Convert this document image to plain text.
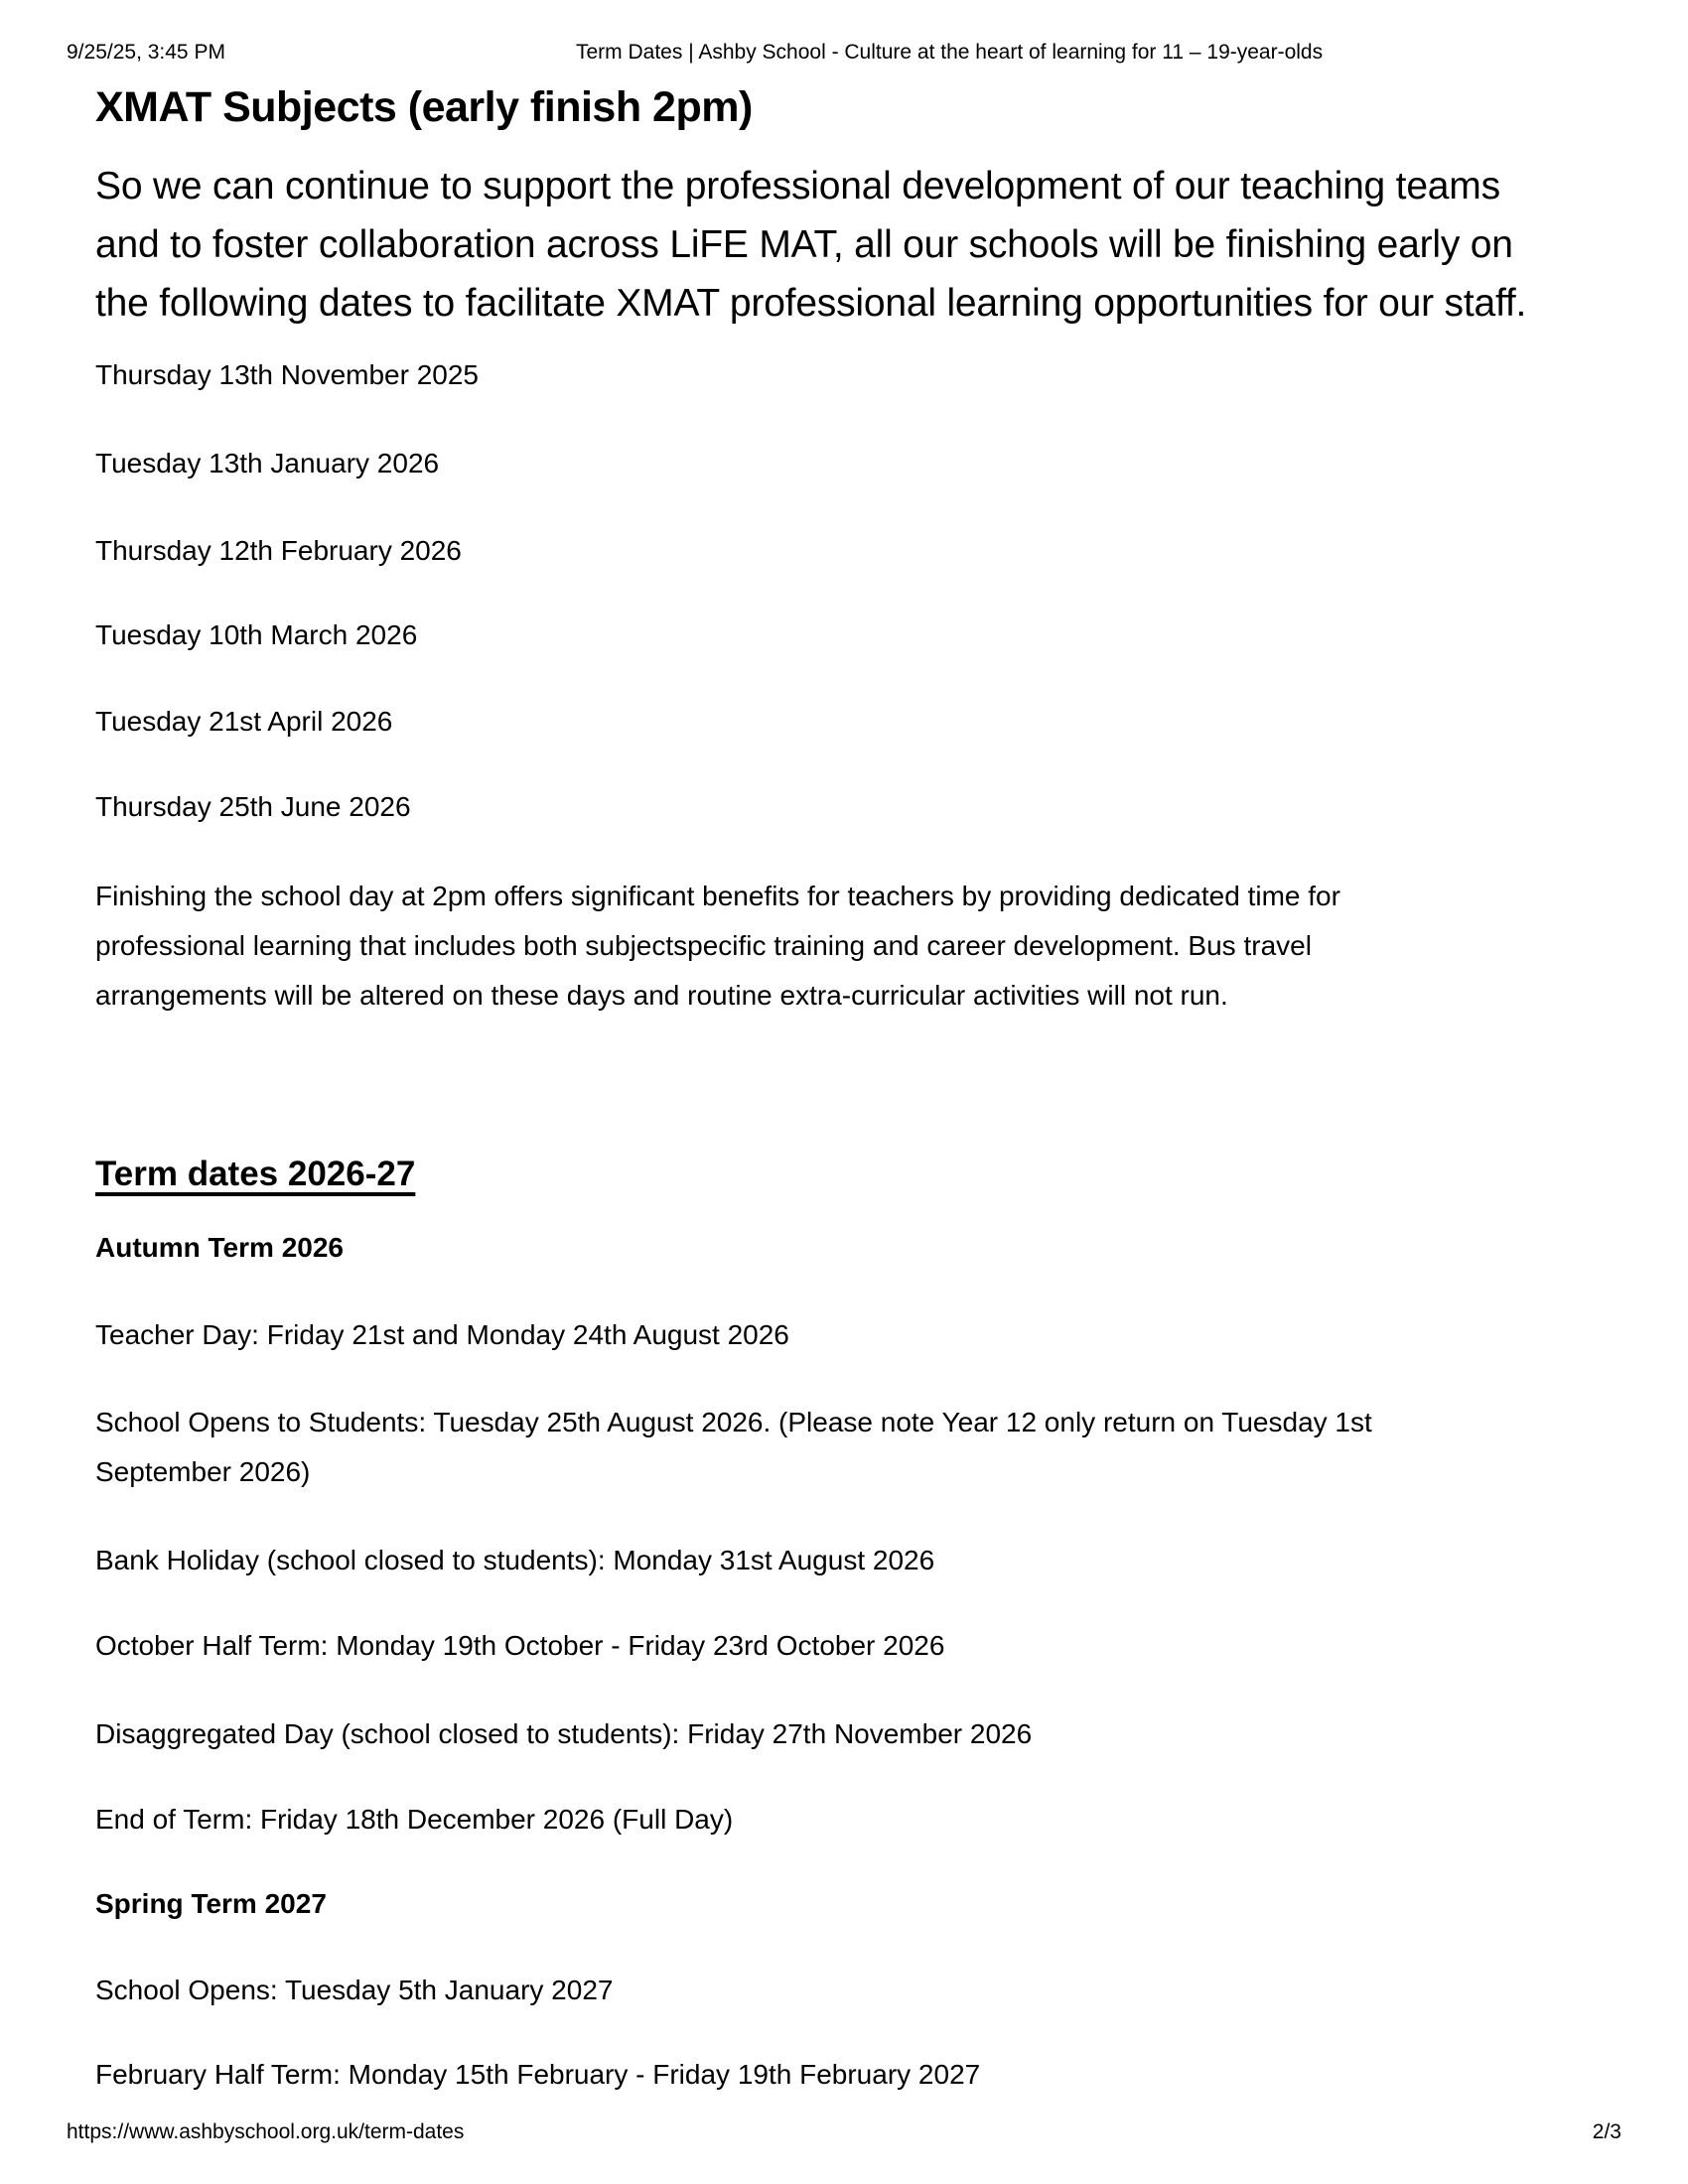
9/25/25, 3:45 PM	Term Dates | Ashby School - Culture at the heart of learning for 11 – 19-year-olds
XMAT Subjects (early finish 2pm)
So we can continue to support the professional development of our teaching teams
and to foster collaboration across LiFE MAT, all our schools will be finishing early on
the following dates to facilitate XMAT professional learning opportunities for our staff.
Thursday 13th November 2025
Tuesday 13th January 2026
Thursday 12th February 2026
Tuesday 10th March 2026
Tuesday 21st April 2026
Thursday 25th June 2026
Finishing the school day at 2pm offers significant benefits for teachers by providing dedicated time for
professional learning that includes both subjectspecific training and career development. Bus travel
arrangements will be altered on these days and routine extra-curricular activities will not run.
Term dates 2026-27
Autumn Term 2026
Teacher Day: Friday 21st and Monday 24th August 2026
School Opens to Students: Tuesday 25th August 2026. (Please note Year 12 only return on Tuesday 1st
September 2026)
Bank Holiday (school closed to students): Monday 31st August 2026
October Half Term: Monday 19th October - Friday 23rd October 2026
Disaggregated Day (school closed to students): Friday 27th November 2026
End of Term: Friday 18th December 2026 (Full Day)
Spring Term 2027
School Opens: Tuesday 5th January 2027
February Half Term: Monday 15th February - Friday 19th February 2027
https://www.ashbyschool.org.uk/term-dates	2/3
